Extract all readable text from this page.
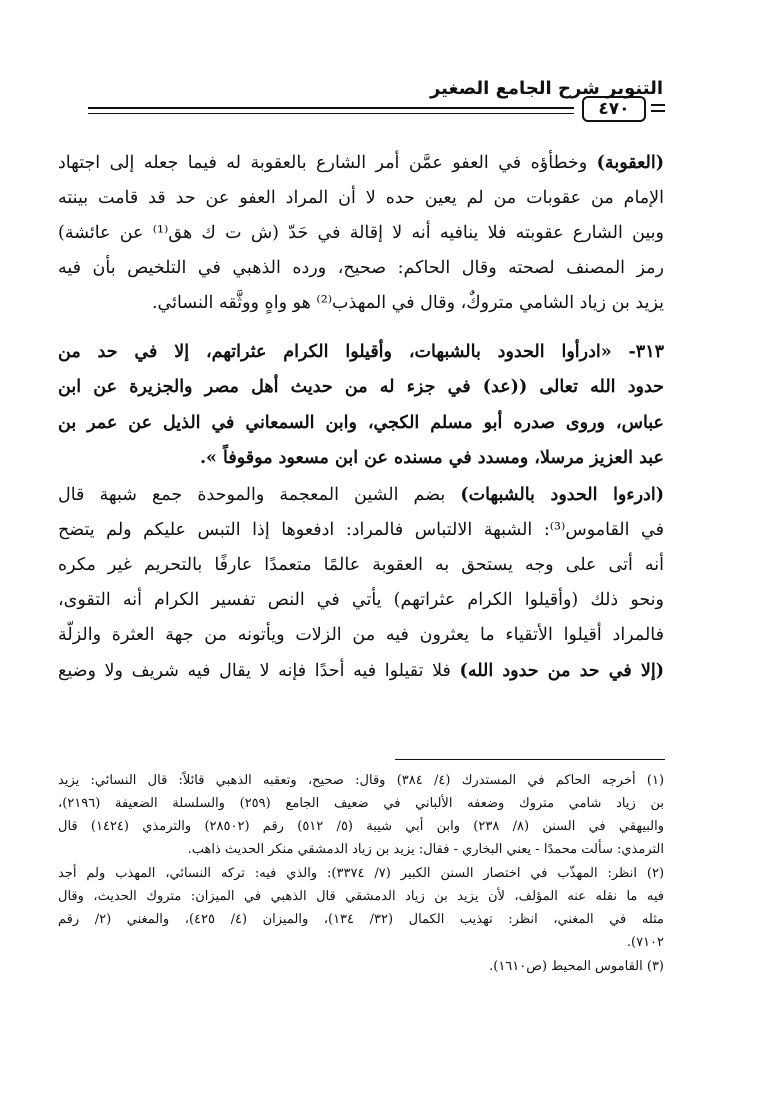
التنوير شرح الجامع الصغير
٤٧٠
(العقوبة) وخطأؤه في العفو عمَّن أمر الشارع بالعقوبة له فيما جعله إلى اجتهاد
الإمام من عقوبات من لم يعين حده لا أن المراد العفو عن حد قد قامت بينته
وبين الشارع عقوبته فلا ينافيه أنه لا إقالة في حَدّ (ش ت ك هق⁽¹⁾ عن عائشة)
رمز المصنف لصحته وقال الحاكم: صحيح، ورده الذهبي في التلخيص بأن فيه
يزيد بن زياد الشامي متروكٌ، وقال في المهذب⁽²⁾ هو واهٍ ووثَّقه النسائي.
٣١٣- «ادرأوا الحدود بالشبهات، وأقيلوا الكرام عثراتهم، إلا في حد من
حدود الله تعالى ((عد) في جزء له من حديث أهل مصر والجزيرة عن ابن
عباس، وروى صدره أبو مسلم الكجي، وابن السمعاني في الذيل عن عمر بن
عبد العزيز مرسلا، ومسدد في مسنده عن ابن مسعود موقوفاً ».
(ادرءوا الحدود بالشبهات) بضم الشين المعجمة والموحدة جمع شبهة قال
في القاموس⁽³⁾: الشبهة الالتباس فالمراد: ادفعوها إذا التبس عليكم ولم يتضح
أنه أتى على وجه يستحق به العقوبة عالمًا متعمدًا عارفًا بالتحريم غير مكره
ونحو ذلك (وأقيلوا الكرام عثراتهم) يأتي في النص تفسير الكرام أنه التقوى،
فالمراد أقيلوا الأتقياء ما يعثرون فيه من الزلات ويأتونه من جهة العثرة والزلّة
(إلا في حد من حدود الله) فلا تقيلوا فيه أحدًا فإنه لا يقال فيه شريف ولا وضيع
(١) أخرجه الحاكم في المستدرك (٤/ ٣٨٤) وقال: صحيح، وتعقبه الذهبي قائلاً: قال النسائي: يزيد
بن زياد شامي متروك وضعفه الألباني في ضعيف الجامع (٢٥٩) والسلسلة الضعيفة (٢١٩٦)،
والبيهقي في السنن (٨/ ٢٣٨) وابن أبي شيبة (٥/ ٥١٢) رقم (٢٨٥٠٢) والترمذي (١٤٢٤) قال
الترمذي: سألت محمدًا - يعني البخاري - فقال: يزيد بن زياد الدمشقي منكر الحديث ذاهب.
(٢) انظر: المهذّب في اختصار السنن الكبير (٧/ ٣٣٧٤): والذي فيه: تركه النسائي، المهذب ولم أجد
فيه ما نقله عنه المؤلف، لأن يزيد بن زياد الدمشقي قال الذهبي في الميزان: متروك الحديث، وقال
مثله في المغني، انظر: تهذيب الكمال (٣٢/ ١٣٤)، والميزان (٤/ ٤٢٥)، والمغني (٢/ رقم
٧١٠٢).
(٣) القاموس المحيط (ص١٦١٠).
